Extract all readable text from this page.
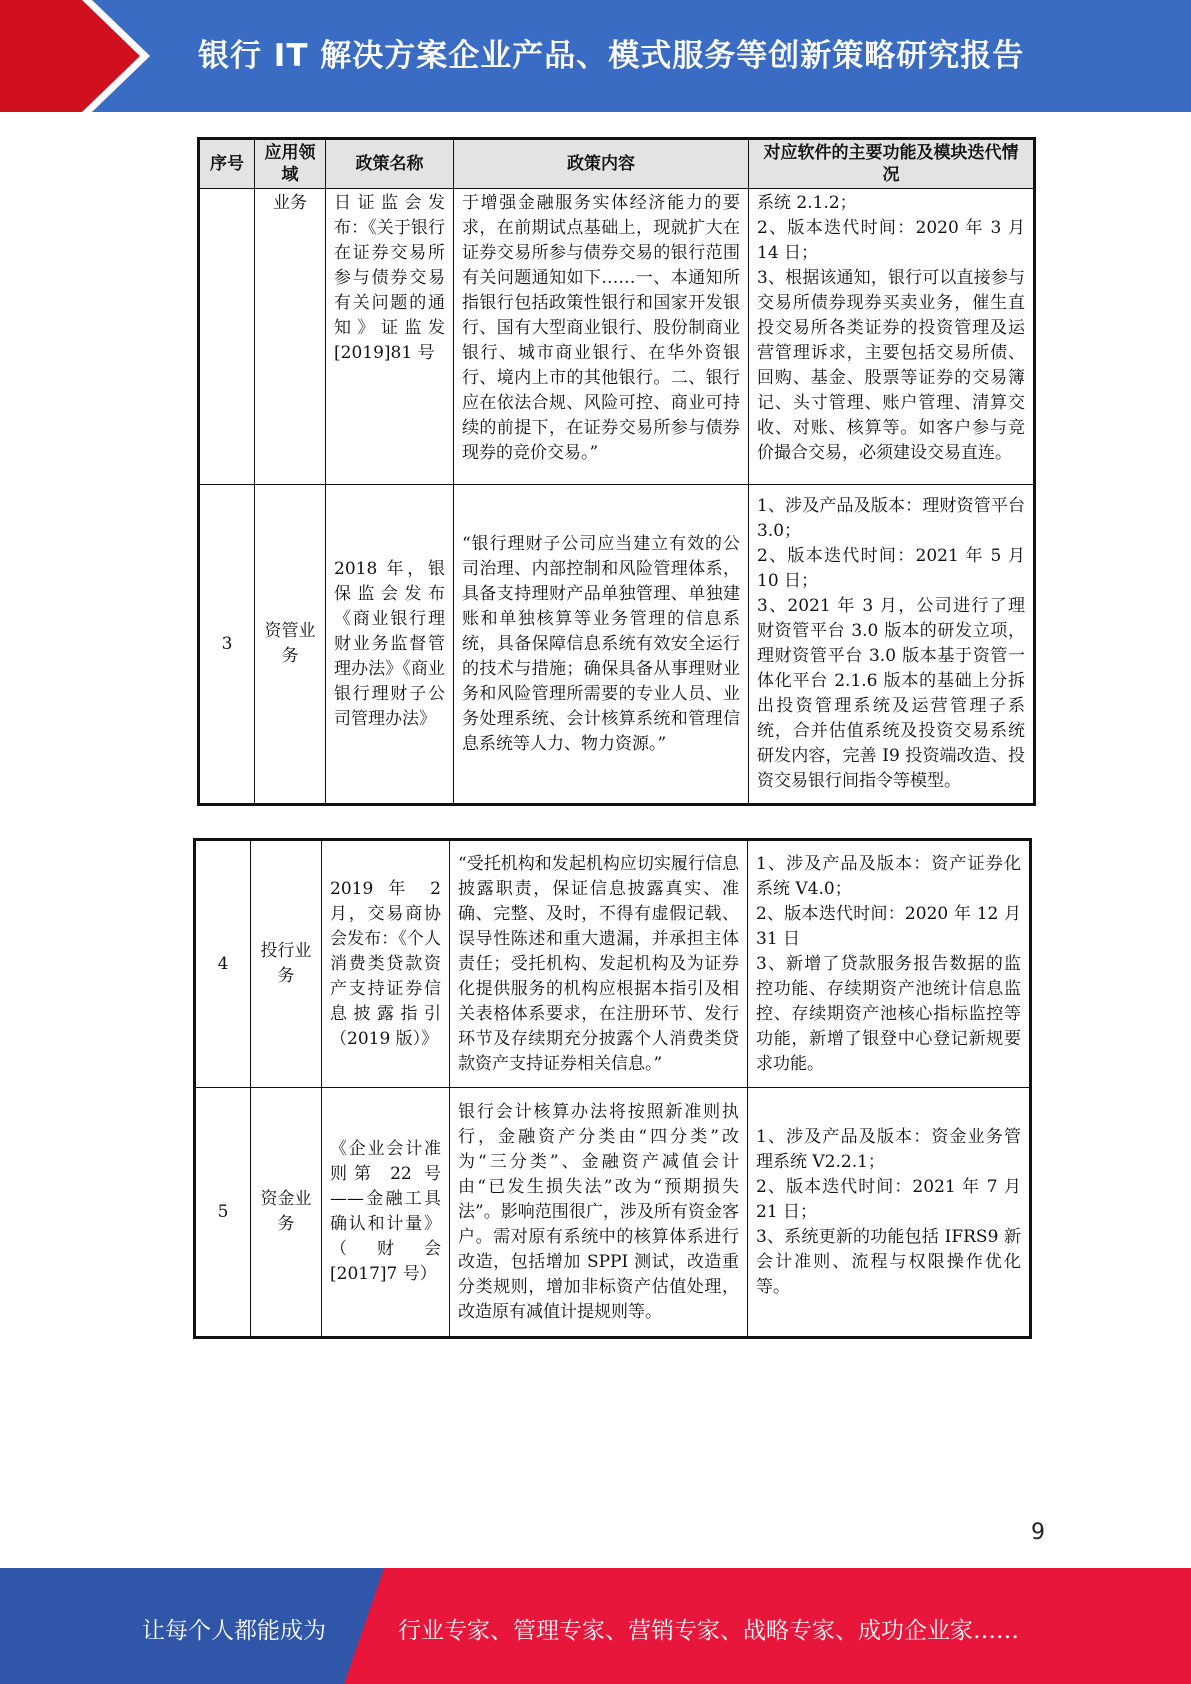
银行 IT 解决方案企业产品、模式服务等创新策略研究报告
序号	应用领域	政策名称	政策内容	对应软件的主要功能及模块迭代情况
	业务	日证监会发布：《关于银行在证券交易所参与债券交易有关问题的通知》证监发[2019]81 号	于增强金融服务实体经济能力的要求，在前期试点基础上，现就扩大在证券交易所参与债券交易的银行范围有关问题通知如下……一、本通知所指银行包括政策性银行和国家开发银行、国有大型商业银行、股份制商业银行、城市商业银行、在华外资银行、境内上市的其他银行。二、银行应在依法合规、风险可控、商业可持续的前提下，在证券交易所参与债券现券的竞价交易。”	系统 2.1.2；
2、版本迭代时间：2020 年 3 月 14 日；
3、根据该通知，银行可以直接参与交易所债券现券买卖业务，催生直投交易所各类证券的投资管理及运营管理诉求，主要包括交易所债、回购、基金、股票等证券的交易簿记、头寸管理、账户管理、清算交收、对账、核算等。如客户参与竞价撮合交易，必须建设交易直连。
3	资管业务	2018 年，银保监会发布《商业银行理财业务监督管理办法》《商业银行理财子公司管理办法》	“银行理财子公司应当建立有效的公司治理、内部控制和风险管理体系，具备支持理财产品单独管理、单独建账和单独核算等业务管理的信息系统，具备保障信息系统有效安全运行的技术与措施；确保具备从事理财业务和风险管理所需要的专业人员、业务处理系统、会计核算系统和管理信息系统等人力、物力资源。”	1、涉及产品及版本：理财资管平台 3.0；
2、版本迭代时间：2021 年 5 月 10 日；
3、2021 年 3 月，公司进行了理财资管平台 3.0 版本的研发立项，理财资管平台 3.0 版本基于资管一体化平台 2.1.6 版本的基础上分拆出投资管理系统及运营管理子系统，合并估值系统及投资交易系统研发内容，完善 I9 投资端改造、投资交易银行间指令等模型。
4	投行业务	2019 年 2 月，交易商协会发布：《个人消费类贷款资产支持证券信息披露指引（2019 版）》	“受托机构和发起机构应切实履行信息披露职责，保证信息披露真实、准确、完整、及时，不得有虚假记载、误导性陈述和重大遗漏，并承担主体责任；受托机构、发起机构及为证券化提供服务的机构应根据本指引及相关表格体系要求，在注册环节、发行环节及存续期充分披露个人消费类贷款资产支持证券相关信息。”	1、涉及产品及版本：资产证券化系统 V4.0；
2、版本迭代时间：2020 年 12 月 31 日
3、新增了贷款服务报告数据的监控功能、存续期资产池统计信息监控、存续期资产池核心指标监控等功能，新增了银登中心登记新规要求功能。
5	资金业务	《企业会计准则第 22 号——金融工具确认和计量》（财会[2017]7 号）	银行会计核算办法将按照新准则执行，金融资产分类由“四分类”改为“三分类”、金融资产减值会计由“已发生损失法”改为“预期损失法”。影响范围很广，涉及所有资金客户。需对原有系统中的核算体系进行改造，包括增加 SPPI 测试，改造重分类规则，增加非标资产估值处理，改造原有减值计提规则等。	1、涉及产品及版本：资金业务管理系统 V2.2.1；
2、版本迭代时间：2021 年 7 月 21 日；
3、系统更新的功能包括 IFRS9 新会计准则、流程与权限操作优化等。
9
让每个人都能成为	行业专家、管理专家、营销专家、战略专家、成功企业家……
